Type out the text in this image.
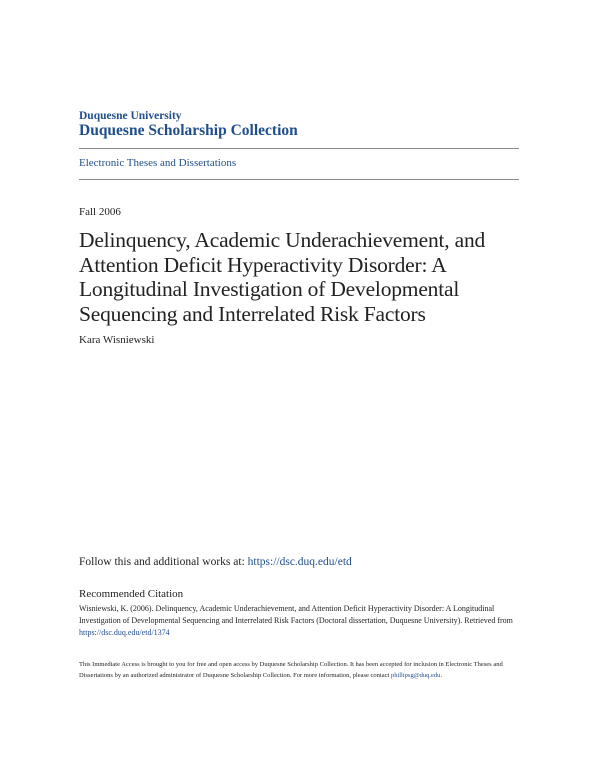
Duquesne University
Duquesne Scholarship Collection
Electronic Theses and Dissertations
Fall 2006
Delinquency, Academic Underachievement, and Attention Deficit Hyperactivity Disorder: A Longitudinal Investigation of Developmental Sequencing and Interrelated Risk Factors
Kara Wisniewski
Follow this and additional works at: https://dsc.duq.edu/etd
Recommended Citation
Wisniewski, K. (2006). Delinquency, Academic Underachievement, and Attention Deficit Hyperactivity Disorder: A Longitudinal Investigation of Developmental Sequencing and Interrelated Risk Factors (Doctoral dissertation, Duquesne University). Retrieved from https://dsc.duq.edu/etd/1374
This Immediate Access is brought to you for free and open access by Duquesne Scholarship Collection. It has been accepted for inclusion in Electronic Theses and Dissertations by an authorized administrator of Duquesne Scholarship Collection. For more information, please contact phillipsg@duq.edu.
